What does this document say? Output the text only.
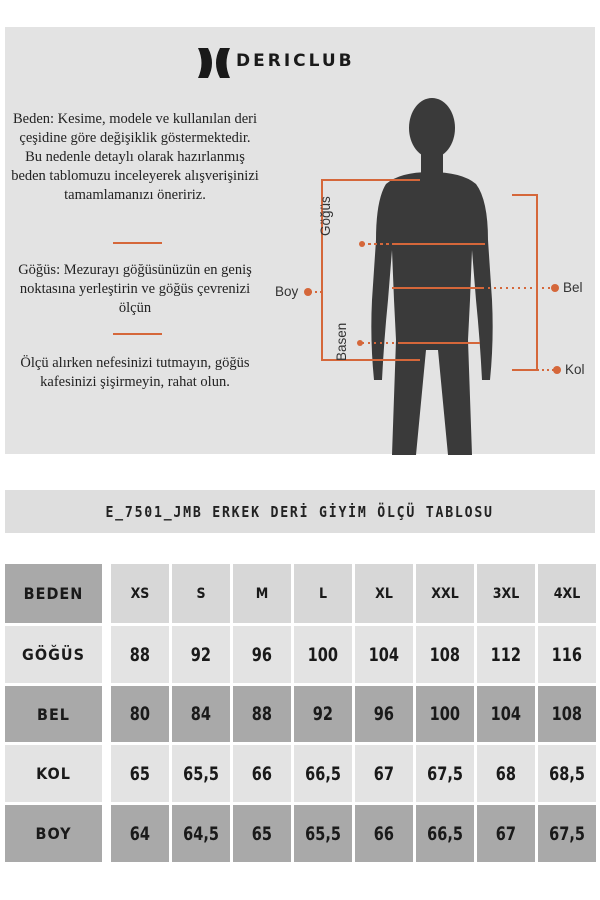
DERICLUB
Beden: Kesime, modele ve kullanılan deri çeşidine göre değişiklik göstermektedir. Bu nedenle detaylı olarak hazırlanmış beden tablomuzu inceleyerek alışverişinizi tamamlamanızı öneririz.
Göğüs: Mezurayı göğüsünüzün en geniş noktasına yerleştirin ve göğüs çevrenizi ölçün
Ölçü alırken nefesinizi tutmayın, göğüs kafesinizi şişirmeyin, rahat olun.
Boy	Bel
Kol
Göğüs
Basen
E_7501_JMB ERKEK DERİ GİYİM ÖLÇÜ TABLOSU
BEDEN	XS	S	M	L	XL	XXL 3XL 4XL
GÖĞÜS 88 92 96 100 104 108 112 116
BEL	80 84 88 92 96 100 104 108
KOL	65 65,5 66 66,5 67 67,5 68 68,5
BOY	64 64,5 65 65,5 66 66,5 67 67,5
